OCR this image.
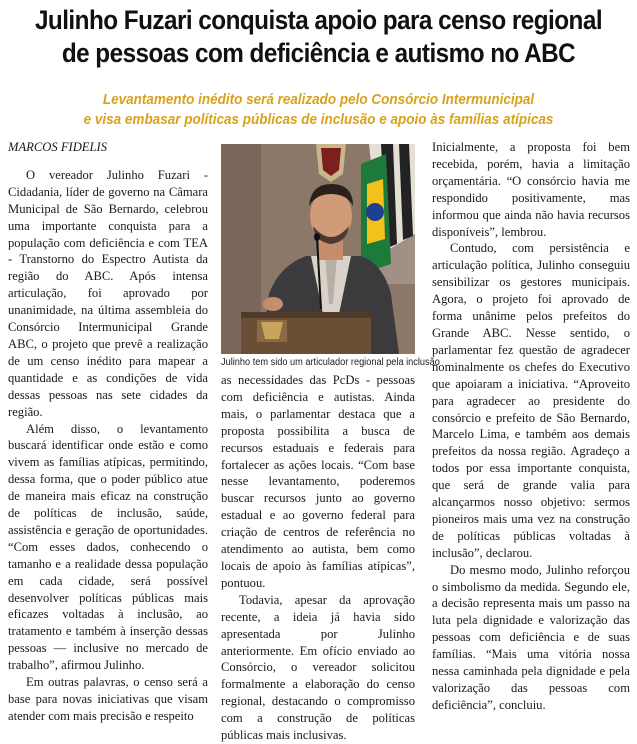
Julinho Fuzari conquista apoio para censo regional
de pessoas com deficiência e autismo no ABC
Levantamento inédito será realizado pelo Consórcio Intermunicipal
e visa embasar políticas públicas de inclusão e apoio às famílias atípicas

MARCOS FIDELIS

O vereador Julinho Fuzari - Cidadania, líder de governo na Câmara Municipal de São Bernardo, celebrou uma importante conquista para a população com deficiência e com TEA - Transtorno do Espectro Autista da região do ABC. Após intensa articulação, foi aprovado por unanimidade, na última assembleia do Consórcio Intermunicipal Grande ABC, o projeto que prevê a realização de um censo inédito para mapear a quantidade e as condições de vida dessas pessoas nas sete cidades da região.

Além disso, o levantamento buscará identificar onde estão e como vivem as famílias atípicas, permitindo, dessa forma, que o poder público atue de maneira mais eficaz na construção de políticas de inclusão, saúde, assistência e geração de oportunidades. “Com esses dados, conhecendo o tamanho e a realidade dessa população em cada cidade, será possível desenvolver políticas públicas mais eficazes voltadas à inclusão, ao tratamento e também à inserção dessas pessoas — inclusive no mercado de trabalho”, afirmou Julinho.

Em outras palavras, o censo será a base para novas iniciativas que visam atender com mais precisão e respeito

Julinho tem sido um articulador regional pela inclusão

as necessidades das PcDs - pessoas com deficiência e autistas. Ainda mais, o parlamentar destaca que a proposta possibilita a busca de recursos estaduais e federais para fortalecer as ações locais. “Com base nesse levantamento, poderemos buscar recursos junto ao governo estadual e ao governo federal para criação de centros de referência no atendimento ao autista, bem como locais de apoio às famílias atípicas”, pontuou.

Todavia, apesar da aprovação recente, a ideia já havia sido apresentada por Julinho anteriormente. Em ofício enviado ao Consórcio, o vereador solicitou formalmente a elaboração do censo regional, destacando o compromisso com a construção de políticas públicas mais inclusivas.

Inicialmente, a proposta foi bem recebida, porém, havia a limitação orçamentária. “O consórcio havia me respondido positivamente, mas informou que ainda não havia recursos disponíveis”, lembrou.

Contudo, com persistência e articulação política, Julinho conseguiu sensibilizar os gestores municipais. Agora, o projeto foi aprovado de forma unânime pelos prefeitos do Grande ABC. Nesse sentido, o parlamentar fez questão de agradecer nominalmente os chefes do Executivo que apoiaram a iniciativa. “Aproveito para agradecer ao presidente do consórcio e prefeito de São Bernardo, Marcelo Lima, e também aos demais prefeitos da nossa região. Agradeço a todos por essa importante conquista, que será de grande valia para alcançarmos nosso objetivo: sermos pioneiros mais uma vez na construção de políticas públicas voltadas à inclusão”, declarou.

Do mesmo modo, Julinho reforçou o simbolismo da medida. Segundo ele, a decisão representa mais um passo na luta pela dignidade e valorização das pessoas com deficiência e de suas famílias. “Mais uma vitória nossa nessa caminhada pela dignidade e pela valorização das pessoas com deficiência”, concluiu.
